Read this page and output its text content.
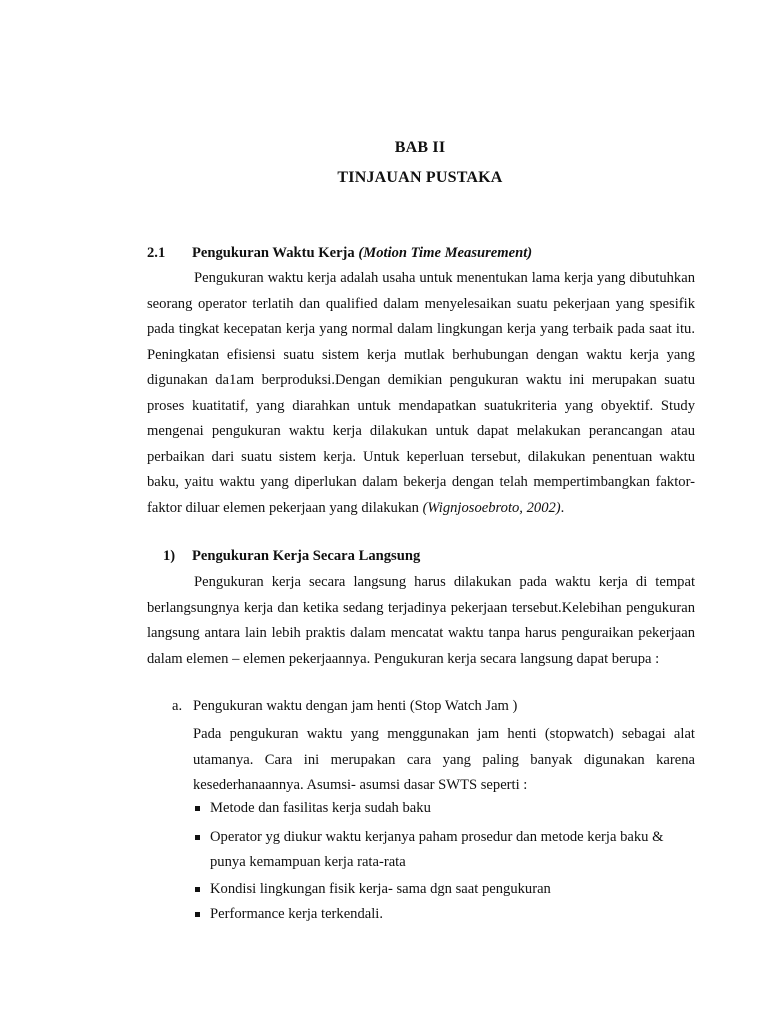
BAB II
TINJAUAN PUSTAKA
2.1 Pengukuran Waktu Kerja (Motion Time Measurement)
Pengukuran waktu kerja adalah usaha untuk menentukan lama kerja yang dibutuhkan seorang operator terlatih dan qualified dalam menyelesaikan suatu pekerjaan yang spesifik pada tingkat kecepatan kerja yang normal dalam lingkungan kerja yang terbaik pada saat itu. Peningkatan efisiensi suatu sistem kerja mutlak berhubungan dengan waktu kerja yang digunakan da1am berproduksi.Dengan demikian pengukuran waktu ini merupakan suatu proses kuatitatif, yang diarahkan untuk mendapatkan suatukriteria yang obyektif. Study mengenai pengukuran waktu kerja dilakukan untuk dapat melakukan perancangan atau perbaikan dari suatu sistem kerja. Untuk keperluan tersebut, dilakukan penentuan waktu baku, yaitu waktu yang diperlukan dalam bekerja dengan telah mempertimbangkan faktor-faktor diluar elemen pekerjaan yang dilakukan (Wignjosoebroto, 2002).
1) Pengukuran Kerja Secara Langsung
Pengukuran kerja secara langsung harus dilakukan pada waktu kerja di tempat berlangsungnya kerja dan ketika sedang terjadinya pekerjaan tersebut.Kelebihan pengukuran langsung antara lain lebih praktis dalam mencatat waktu tanpa harus penguraikan pekerjaan dalam elemen – elemen pekerjaannya. Pengukuran kerja secara langsung dapat berupa :
a. Pengukuran waktu dengan jam henti (Stop Watch Jam )
Pada pengukuran waktu yang menggunakan jam henti (stopwatch) sebagai alat utamanya. Cara ini merupakan cara yang paling banyak digunakan karena kesederhanaannya. Asumsi- asumsi dasar SWTS seperti :
Metode dan fasilitas kerja sudah baku
Operator yg diukur waktu kerjanya paham prosedur dan metode kerja baku & punya kemampuan kerja rata-rata
Kondisi lingkungan fisik kerja- sama dgn saat pengukuran
Performance kerja terkendali.
